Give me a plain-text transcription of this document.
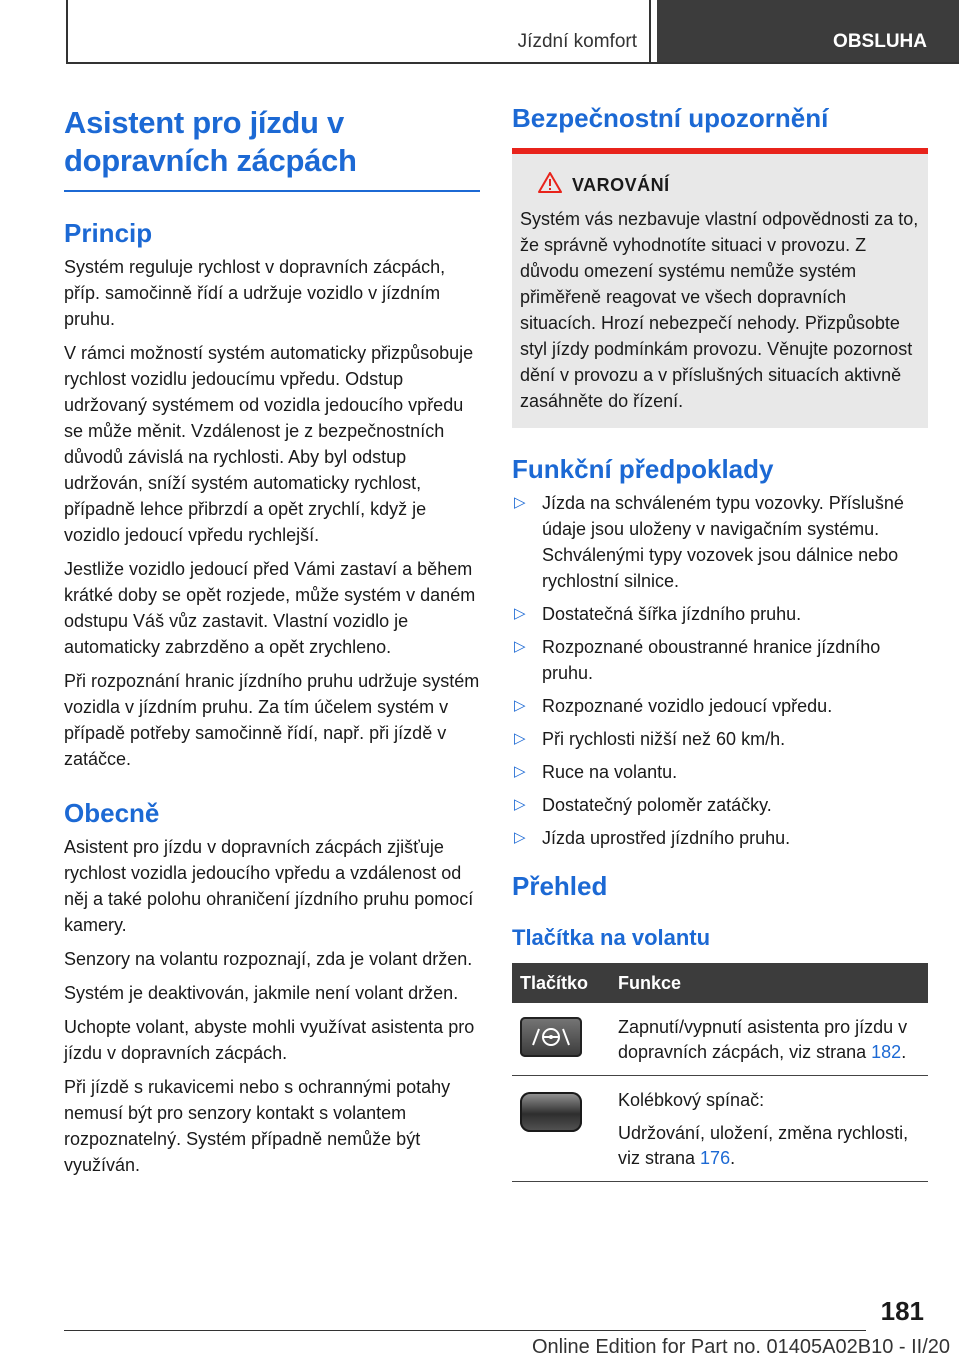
Jízdní komfort	OBSLUHA
Asistent pro jízdu v dopravních zácpách
Princip

Systém reguluje rychlost v dopravních zácpách, příp. samočinně řídí a udržuje vozidlo v jízdním pruhu.

V rámci možností systém automaticky přizpůsobuje rychlost vozidlu jedoucímu vpředu. Odstup udržovaný systémem od vozidla jedoucího vpředu se může měnit. Vzdálenost je z bezpečnostních důvodů závislá na rychlosti. Aby byl odstup udržován, sníží systém automaticky rychlost, případně lehce přibrzdí a opět zrychlí, když je vozidlo jedoucí vpředu rychlejší.

Jestliže vozidlo jedoucí před Vámi zastaví a během krátké doby se opět rozjede, může systém v daném odstupu Váš vůz zastavit. Vlastní vozidlo je automaticky zabrzděno a opět zrychleno.

Při rozpoznání hranic jízdního pruhu udržuje systém vozidla v jízdním pruhu. Za tím účelem systém v případě potřeby samočinně řídí, např. při jízdě v zatáčce.

Obecně

Asistent pro jízdu v dopravních zácpách zjišťuje rychlost vozidla jedoucího vpředu a vzdálenost od něj a také polohu ohraničení jízdního pruhu pomocí kamery.

Senzory na volantu rozpoznají, zda je volant držen.

Systém je deaktivován, jakmile není volant držen.

Uchopte volant, abyste mohli využívat asistenta pro jízdu v dopravních zácpách.

Při jízdě s rukavicemi nebo s ochrannými potahy nemusí být pro senzory kontakt s volantem rozpoznatelný. Systém případně nemůže být využíván.

Bezpečnostní upozornění
VAROVÁNÍ

Systém vás nezbavuje vlastní odpovědnosti za to, že správně vyhodnotíte situaci v provozu. Z důvodu omezení systému nemůže systém přiměřeně reagovat ve všech dopravních situacích. Hrozí nebezpečí nehody. Přizpůsobte styl jízdy podmínkám provozu. Věnujte pozornost dění v provozu a v příslušných situacích aktivně zasáhněte do řízení.

Funkční předpoklady
▷ Jízda na schváleném typu vozovky. Příslušné údaje jsou uloženy v navigačním systému. Schválenými typy vozovek jsou dálnice nebo rychlostní silnice.
▷ Dostatečná šířka jízdního pruhu.
▷ Rozpoznané oboustranné hranice jízdního pruhu.
▷ Rozpoznané vozidlo jedoucí vpředu.
▷ Při rychlosti nižší než 60 km/h.
▷ Ruce na volantu.
▷ Dostatečný poloměr zatáčky.
▷ Jízda uprostřed jízdního pruhu.
Přehled
Tlačítka na volantu
Tlačítko	Funkce

	Zapnutí/vypnutí asistenta pro jízdu v dopravních zácpách, viz strana 182.

	Kolébkový spínač:

Udržování, uložení, změna rychlosti, viz strana 176.

181
Online Edition for Part no. 01405A02B10 - II/20
